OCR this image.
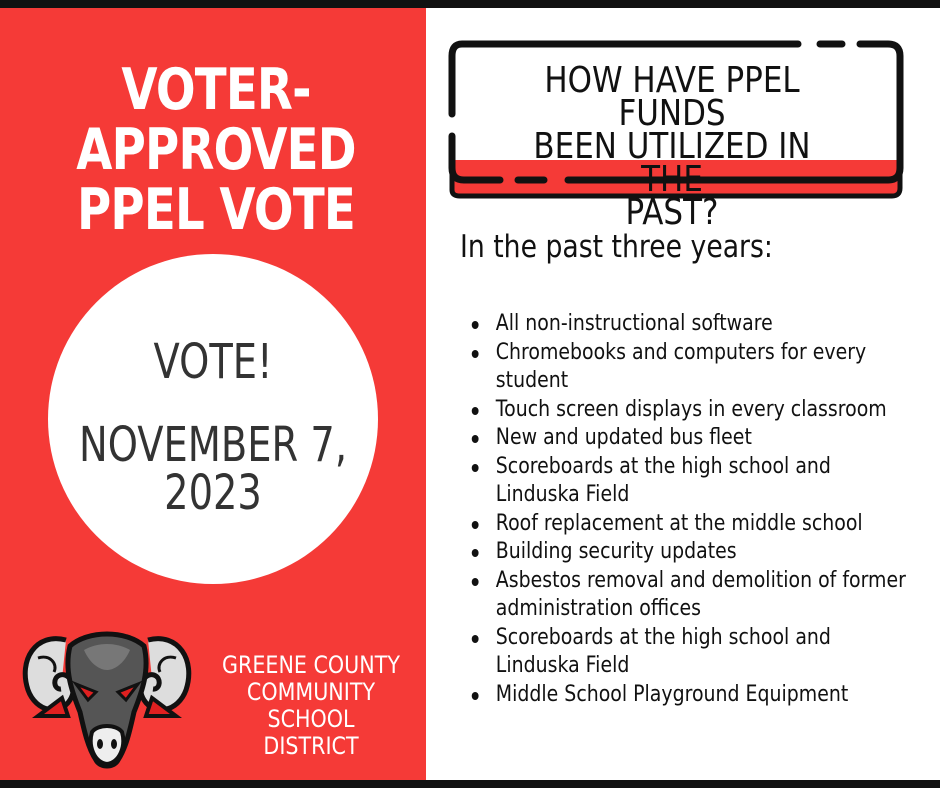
VOTER-
APPROVED
PPEL VOTE

VOTE!

NOVEMBER 7,
2023

GREENE COUNTY
COMMUNITY
SCHOOL DISTRICT

HOW HAVE PPEL FUNDS
BEEN UTILIZED IN THE
PAST?

In the past three years:

All non-instructional software
Chromebooks and computers for every student
Touch screen displays in every classroom
New and updated bus fleet
Scoreboards at the high school and Linduska Field
Roof replacement at the middle school
Building security updates
Asbestos removal and demolition of former administration offices
Scoreboards at the high school and Linduska Field
Middle School Playground Equipment
